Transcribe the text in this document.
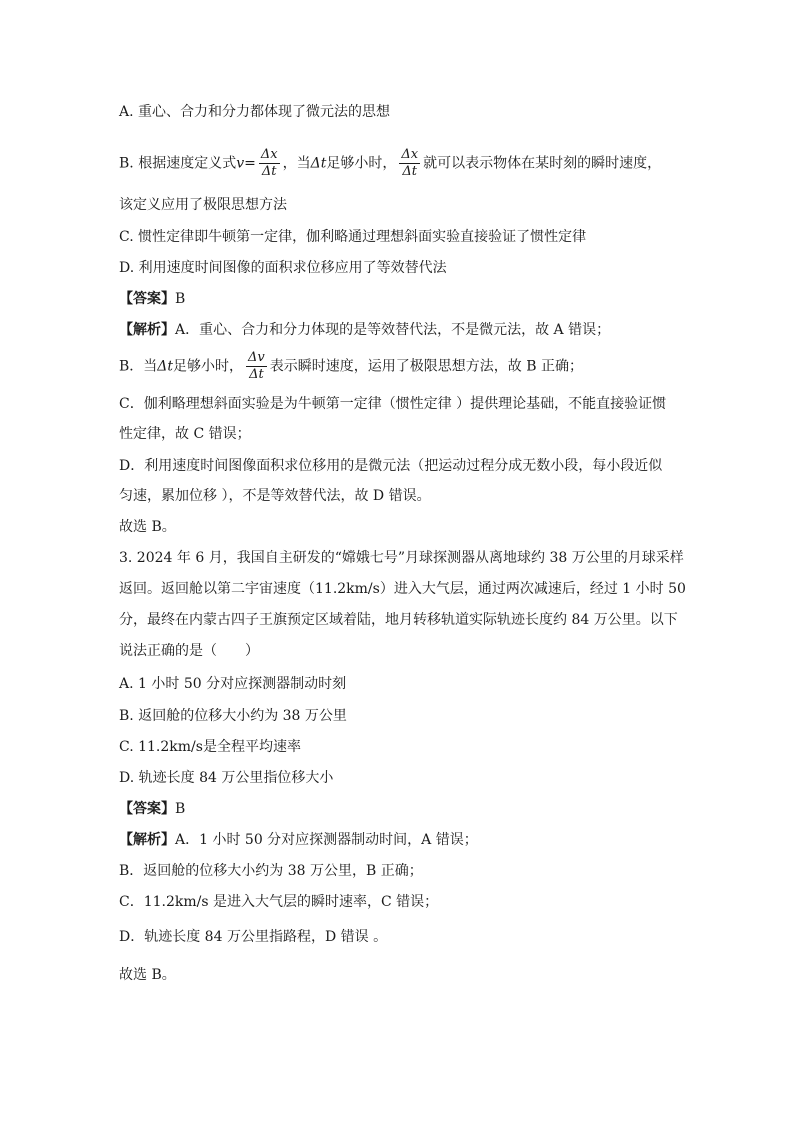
A. 重心、合力和分力都体现了微元法的思想
B. 根据速度定义式$v= \frac{\Delta x}{\Delta t}$ ，当Δt足够小时， $\frac{\Delta x}{\Delta t}$ 就可以表示物体在某时刻的瞬时速度，
该定义应用了极限思想方法
C. 惯性定律即牛顿第一定律，伽利略通过理想斜面实验直接验证了惯性定律
D. 利用速度时间图像的面积求位移应用了等效替代法
【答案】B
【解析】A．重心、合力和分力体现的是等效替代法，不是微元法，故 A 错误；
B．当Δt足够小时， $\frac{\Delta v}{\Delta t}$ 表示瞬时速度，运用了极限思想方法，故 B 正确；
C．伽利略理想斜面实验是为牛顿第一定律（惯性定律 ）提供理论基础，不能直接验证惯
性定律，故 C 错误；
D．利用速度时间图像面积求位移用的是微元法（把运动过程分成无数小段，每小段近似
匀速，累加位移 ），不是等效替代法，故 D 错误。
故选 B。
3. 2024 年 6 月，我国自主研发的“嫦娥七号”月球探测器从离地球约 38 万公里的月球采样
返回。返回舱以第二宇宙速度（11.2km/s）进入大气层，通过两次减速后，经过 1 小时 50
分，最终在内蒙古四子王旗预定区域着陆，地月转移轨道实际轨迹长度约 84 万公里。以下
说法正确的是（　　）
A. 1 小时 50 分对应探测器制动时刻
B. 返回舱的位移大小约为 38 万公里
C. 11.2km/s是全程平均速率
D. 轨迹长度 84 万公里指位移大小
【答案】B
【解析】A．1 小时 50 分对应探测器制动时间，A 错误；
B．返回舱的位移大小约为 38 万公里，B 正确；
C．11.2km/s 是进入大气层的瞬时速率，C 错误；
D．轨迹长度 84 万公里指路程，D 错误 。
故选 B。
